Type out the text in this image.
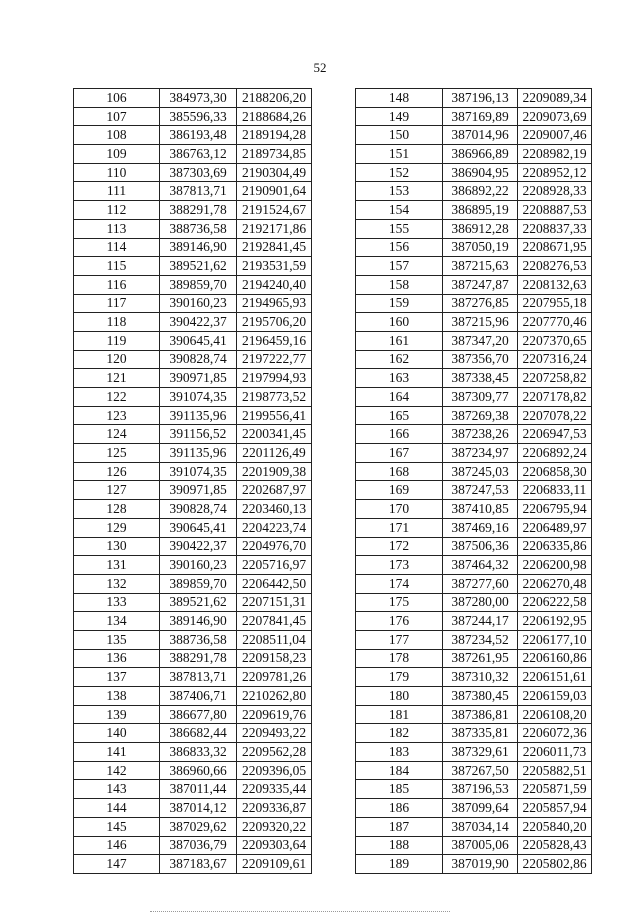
52
106	384973,30	2188206,20
107	385596,33	2188684,26
108	386193,48	2189194,28
109	386763,12	2189734,85
110	387303,69	2190304,49
111	387813,71	2190901,64
112	388291,78	2191524,67
113	388736,58	2192171,86
114	389146,90	2192841,45
115	389521,62	2193531,59
116	389859,70	2194240,40
117	390160,23	2194965,93
118	390422,37	2195706,20
119	390645,41	2196459,16
120	390828,74	2197222,77
121	390971,85	2197994,93
122	391074,35	2198773,52
123	391135,96	2199556,41
124	391156,52	2200341,45
125	391135,96	2201126,49
126	391074,35	2201909,38
127	390971,85	2202687,97
128	390828,74	2203460,13
129	390645,41	2204223,74
130	390422,37	2204976,70
131	390160,23	2205716,97
132	389859,70	2206442,50
133	389521,62	2207151,31
134	389146,90	2207841,45
135	388736,58	2208511,04
136	388291,78	2209158,23
137	387813,71	2209781,26
138	387406,71	2210262,80
139	386677,80	2209619,76
140	386682,44	2209493,22
141	386833,32	2209562,28
142	386960,66	2209396,05
143	387011,44	2209335,44
144	387014,12	2209336,87
145	387029,62	2209320,22
146	387036,79	2209303,64
147	387183,67	2209109,61
148	387196,13	2209089,34
149	387169,89	2209073,69
150	387014,96	2209007,46
151	386966,89	2208982,19
152	386904,95	2208952,12
153	386892,22	2208928,33
154	386895,19	2208887,53
155	386912,28	2208837,33
156	387050,19	2208671,95
157	387215,63	2208276,53
158	387247,87	2208132,63
159	387276,85	2207955,18
160	387215,96	2207770,46
161	387347,20	2207370,65
162	387356,70	2207316,24
163	387338,45	2207258,82
164	387309,77	2207178,82
165	387269,38	2207078,22
166	387238,26	2206947,53
167	387234,97	2206892,24
168	387245,03	2206858,30
169	387247,53	2206833,11
170	387410,85	2206795,94
171	387469,16	2206489,97
172	387506,36	2206335,86
173	387464,32	2206200,98
174	387277,60	2206270,48
175	387280,00	2206222,58
176	387244,17	2206192,95
177	387234,52	2206177,10
178	387261,95	2206160,86
179	387310,32	2206151,61
180	387380,45	2206159,03
181	387386,81	2206108,20
182	387335,81	2206072,36
183	387329,61	2206011,73
184	387267,50	2205882,51
185	387196,53	2205871,59
186	387099,64	2205857,94
187	387034,14	2205840,20
188	387005,06	2205828,43
189	387019,90	2205802,86
